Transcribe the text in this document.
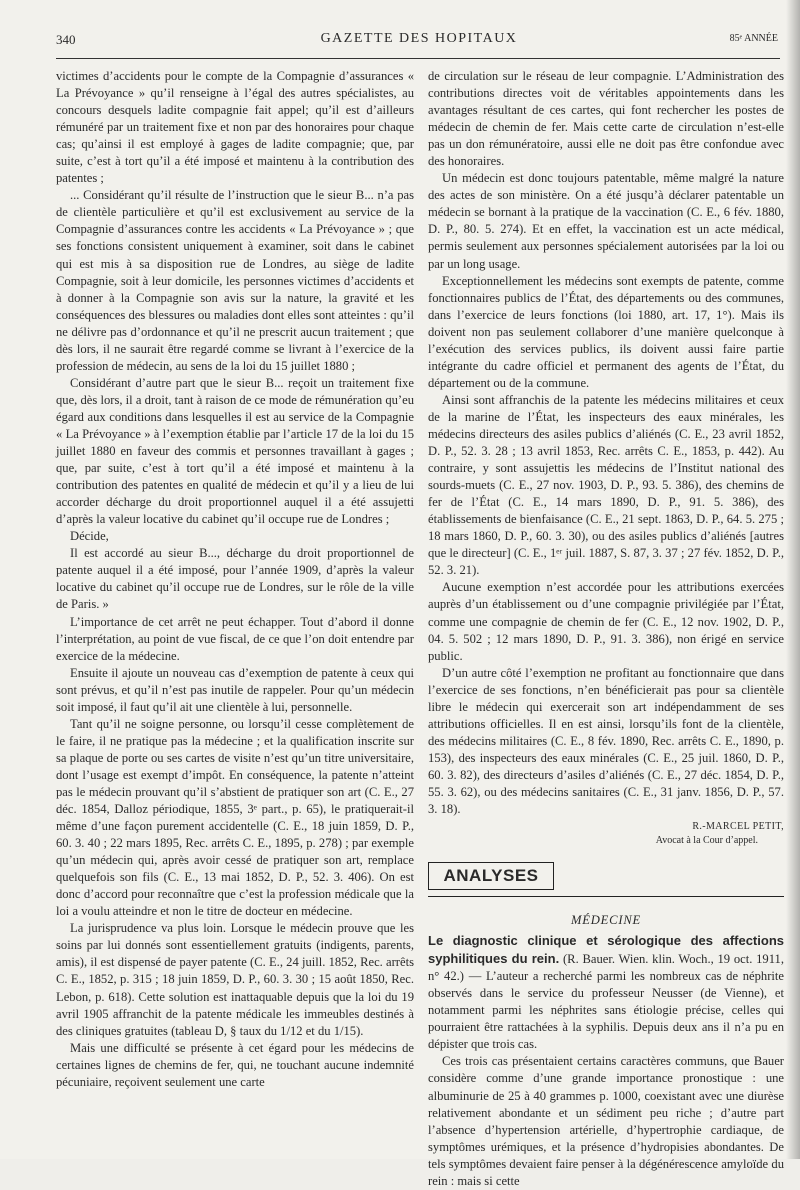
340	GAZETTE DES HOPITAUX	85ᵉ ANNÉE

victimes d’accidents pour le compte de la Compagnie d’assurances « La Prévoyance » qu’il renseigne à l’égal des autres spécialistes, au concours desquels ladite compagnie fait appel; qu’il est d’ailleurs rémunéré par un traitement fixe et non par des honoraires pour chaque cas; qu’ainsi il est employé à gages de ladite compagnie; que, par suite, c’est à tort qu’il a été imposé et maintenu à la contribution des patentes ;

... Considérant qu’il résulte de l’instruction que le sieur B... n’a pas de clientèle particulière et qu’il est exclusivement au service de la Compagnie d’assurances contre les accidents « La Prévoyance » ; que ses fonctions consistent uniquement à examiner, soit dans le cabinet qui est mis à sa disposition rue de Londres, au siège de ladite Compagnie, soit à leur domicile, les personnes victimes d’accidents et à donner à la Compagnie son avis sur la nature, la gravité et les conséquences des blessures ou maladies dont elles sont atteintes : qu’il ne délivre pas d’ordonnance et qu’il ne prescrit aucun traitement ; que dès lors, il ne saurait être regardé comme se livrant à l’exercice de la profession de médecin, au sens de la loi du 15 juillet 1880 ;

Considérant d’autre part que le sieur B... reçoit un traitement fixe que, dès lors, il a droit, tant à raison de ce mode de rémunération qu’eu égard aux conditions dans lesquelles il est au service de la Compagnie « La Prévoyance » à l’exemption établie par l’article 17 de la loi du 15 juillet 1880 en faveur des commis et personnes travaillant à gages ; que, par suite, c’est à tort qu’il a été imposé et maintenu à la contribution des patentes en qualité de médecin et qu’il y a lieu de lui accorder décharge du droit proportionnel auquel il a été assujetti d’après la valeur locative du cabinet qu’il occupe rue de Londres ;

Décide,

Il est accordé au sieur B..., décharge du droit proportionnel de patente auquel il a été imposé, pour l’année 1909, d’après la valeur locative du cabinet qu’il occupe rue de Londres, sur le rôle de la ville de Paris. »

L’importance de cet arrêt ne peut échapper. Tout d’abord il donne l’interprétation, au point de vue fiscal, de ce que l’on doit entendre par exercice de la médecine.

Ensuite il ajoute un nouveau cas d’exemption de patente à ceux qui sont prévus, et qu’il n’est pas inutile de rappeler. Pour qu’un médecin soit imposé, il faut qu’il ait une clientèle à lui, personnelle.

Tant qu’il ne soigne personne, ou lorsqu’il cesse complètement de le faire, il ne pratique pas la médecine ; et la qualification inscrite sur sa plaque de porte ou ses cartes de visite n’est qu’un titre universitaire, dont l’usage est exempt d’impôt. En conséquence, la patente n’atteint pas le médecin prouvant qu’il s’abstient de pratiquer son art (C. E., 27 déc. 1854, Dalloz périodique, 1855, 3ᵉ part., p. 65), le pratiquerait-il même d’une façon purement accidentelle (C. E., 18 juin 1859, D. P., 60. 3. 40 ; 22 mars 1895, Rec. arrêts C. E., 1895, p. 278) ; par exemple qu’un médecin qui, après avoir cessé de pratiquer son art, remplace quelquefois son fils (C. E., 13 mai 1852, D. P., 52. 3. 406). On est donc d’accord pour reconnaître que c’est la profession médicale que la loi a voulu atteindre et non le titre de docteur en médecine.

La jurisprudence va plus loin. Lorsque le médecin prouve que les soins par lui donnés sont essentiellement gratuits (indigents, parents, amis), il est dispensé de payer patente (C. E., 24 juill. 1852, Rec. arrêts C. E., 1852, p. 315 ; 18 juin 1859, D. P., 60. 3. 30 ; 15 août 1850, Rec. Lebon, p. 618). Cette solution est inattaquable depuis que la loi du 19 avril 1905 affranchit de la patente médicale les immeubles destinés à des cliniques gratuites (tableau D, § taux du 1/12 et du 1/15).

Mais une difficulté se présente à cet égard pour les médecins de certaines lignes de chemins de fer, qui, ne touchant aucune indemnité pécuniaire, reçoivent seulement une carte

de circulation sur le réseau de leur compagnie. L’Administration des contributions directes voit de véritables appointements dans les avantages résultant de ces cartes, qui font rechercher les postes de médecin de chemin de fer. Mais cette carte de circulation n’est-elle pas un don rémunératoire, aussi elle ne doit pas être confondue avec des honoraires.

Un médecin est donc toujours patentable, même malgré la nature des actes de son ministère. On a été jusqu’à déclarer patentable un médecin se bornant à la pratique de la vaccination (C. E., 6 fév. 1880, D. P., 80. 5. 274). Et en effet, la vaccination est un acte médical, permis seulement aux personnes spécialement autorisées par la loi ou par un long usage.

Exceptionnellement les médecins sont exempts de patente, comme fonctionnaires publics de l’État, des départements ou des communes, dans l’exercice de leurs fonctions (loi 1880, art. 17, 1°). Mais ils doivent non pas seulement collaborer d’une manière quelconque à l’exécution des services publics, ils doivent aussi faire partie intégrante du cadre officiel et permanent des agents de l’État, du département ou de la commune.

Ainsi sont affranchis de la patente les médecins militaires et ceux de la marine de l’État, les inspecteurs des eaux minérales, les médecins directeurs des asiles publics d’aliénés (C. E., 23 avril 1852, D. P., 52. 3. 28 ; 13 avril 1853, Rec. arrêts C. E., 1853, p. 442). Au contraire, y sont assujettis les médecins de l’Institut national des sourds-muets (C. E., 27 nov. 1903, D. P., 93. 5. 386), des chemins de fer de l’État (C. E., 14 mars 1890, D. P., 91. 5. 386), des établissements de bienfaisance (C. E., 21 sept. 1863, D. P., 64. 5. 275 ; 18 mars 1860, D. P., 60. 3. 30), ou des asiles publics d’aliénés [autres que le directeur] (C. E., 1ᵉʳ juil. 1887, S. 87, 3. 37 ; 27 fév. 1852, D. P., 52. 3. 21).

Aucune exemption n’est accordée pour les attributions exercées auprès d’un établissement ou d’une compagnie privilégiée par l’État, comme une compagnie de chemin de fer (C. E., 12 nov. 1902, D. P., 04. 5. 502 ; 12 mars 1890, D. P., 91. 3. 386), non érigé en service public.

D’un autre côté l’exemption ne profitant au fonctionnaire que dans l’exercice de ses fonctions, n’en bénéficierait pas pour sa clientèle libre le médecin qui exercerait son art indépendamment de ses attributions officielles. Il en est ainsi, lorsqu’ils font de la clientèle, des médecins militaires (C. E., 8 fév. 1890, Rec. arrêts C. E., 1890, p. 153), des inspecteurs des eaux minérales (C. E., 25 juil. 1860, D. P., 60. 3. 82), des directeurs d’asiles d’aliénés (C. E., 27 déc. 1854, D. P., 55. 3. 62), ou des médecins sanitaires (C. E., 31 janv. 1856, D. P., 57. 3. 18).

R.-MARCEL PETIT,

Avocat à la Cour d’appel.

ANALYSES
MÉDECINE

Le diagnostic clinique et sérologique des affections syphilitiques du rein. (R. Bauer. Wien. klin. Woch., 19 oct. 1911, n° 42.) — L’auteur a recherché parmi les nombreux cas de néphrite observés dans le service du professeur Neusser (de Vienne), et notamment parmi les néphrites sans étiologie précise, celles qui pourraient être rattachées à la syphilis. Depuis deux ans il n’a pu en dépister que trois cas.

Ces trois cas présentaient certains caractères communs, que Bauer considère comme d’une grande importance pronostique : une albuminurie de 25 à 40 grammes p. 1000, coexistant avec une diurèse relativement abondante et un sédiment peu riche ; d’autre part l’absence d’hypertension artérielle, d’hypertrophie cardiaque, de symptômes urémiques, et la présence d’hydropisies abondantes. De tels symptômes devaient faire penser à la dégénérescence amyloïde du rein : mais si cette
